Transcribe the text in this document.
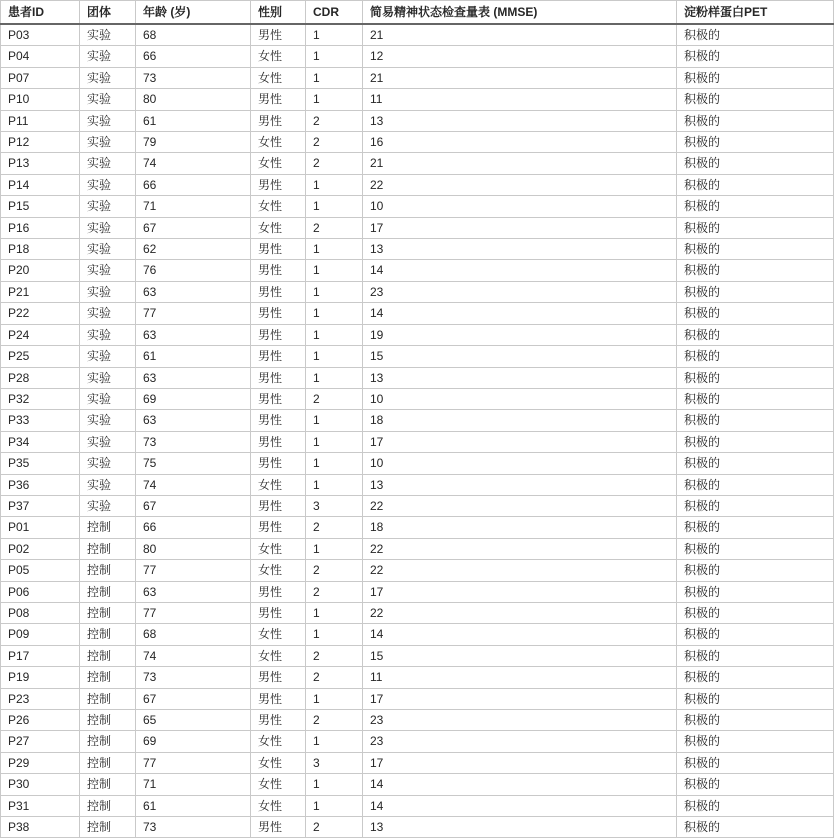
患者ID	团体	年龄 (岁)	性别	CDR	简易精神状态检查量表 (MMSE)	淀粉样蛋白PET
P03	实验	68	男性	1	21	积极的
P04	实验	66	女性	1	12	积极的
P07	实验	73	女性	1	21	积极的
P10	实验	80	男性	1	11	积极的
P11	实验	61	男性	2	13	积极的
P12	实验	79	女性	2	16	积极的
P13	实验	74	女性	2	21	积极的
P14	实验	66	男性	1	22	积极的
P15	实验	71	女性	1	10	积极的
P16	实验	67	女性	2	17	积极的
P18	实验	62	男性	1	13	积极的
P20	实验	76	男性	1	14	积极的
P21	实验	63	男性	1	23	积极的
P22	实验	77	男性	1	14	积极的
P24	实验	63	男性	1	19	积极的
P25	实验	61	男性	1	15	积极的
P28	实验	63	男性	1	13	积极的
P32	实验	69	男性	2	10	积极的
P33	实验	63	男性	1	18	积极的
P34	实验	73	男性	1	17	积极的
P35	实验	75	男性	1	10	积极的
P36	实验	74	女性	1	13	积极的
P37	实验	67	男性	3	22	积极的
P01	控制	66	男性	2	18	积极的
P02	控制	80	女性	1	22	积极的
P05	控制	77	女性	2	22	积极的
P06	控制	63	男性	2	17	积极的
P08	控制	77	男性	1	22	积极的
P09	控制	68	女性	1	14	积极的
P17	控制	74	女性	2	15	积极的
P19	控制	73	男性	2	11	积极的
P23	控制	67	男性	1	17	积极的
P26	控制	65	男性	2	23	积极的
P27	控制	69	女性	1	23	积极的
P29	控制	77	女性	3	17	积极的
P30	控制	71	女性	1	14	积极的
P31	控制	61	女性	1	14	积极的
P38	控制	73	男性	2	13	积极的
